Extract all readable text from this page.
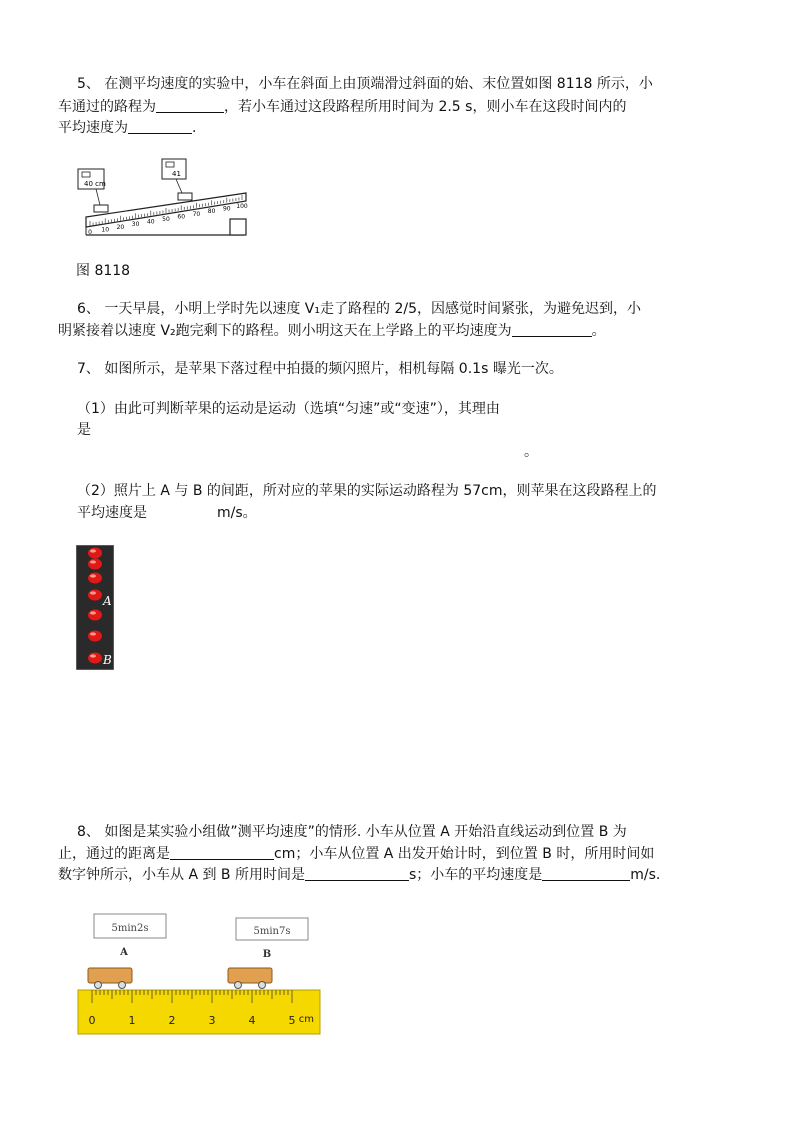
5、 在测平均速度的实验中，小车在斜面上由顶端滑过斜面的始、末位置如图 8118 所示，小
车通过的路程为	，若小车通过这段路程所用时间为 2.5 s，则小车在这段时间内的
平均速度为	.
0 10 20 30 40 50 60 70 80 90 100
40 cm
41
图 8118
6、 一天早晨，小明上学时先以速度 V₁走了路程的 2/5，因感觉时间紧张，为避免迟到，小
明紧接着以速度 V₂跑完剩下的路程。则小明这天在上学路上的平均速度为	。
7、 如图所示，是苹果下落过程中拍摄的频闪照片，相机每隔 0.1s 曝光一次。
（1）由此可判断苹果的运动是运动（选填“匀速”或“变速”），其理由
是
。
（2）照片上 A 与 B 的间距，所对应的苹果的实际运动路程为 57cm，则苹果在这段路程上的
平均速度是	m/s。
A
B
8、 如图是某实验小组做”测平均速度”的情形. 小车从位置 A 开始沿直线运动到位置 B 为
止，通过的距离是	cm；小车从位置 A 出发开始计时，到位置 B 时，所用时间如
数字钟所示，小车从 A 到 B 所用时间是	s；小车的平均速度是	m/s.
5min2s	5min7s
A	B
0	1	2	3	4	5 cm
